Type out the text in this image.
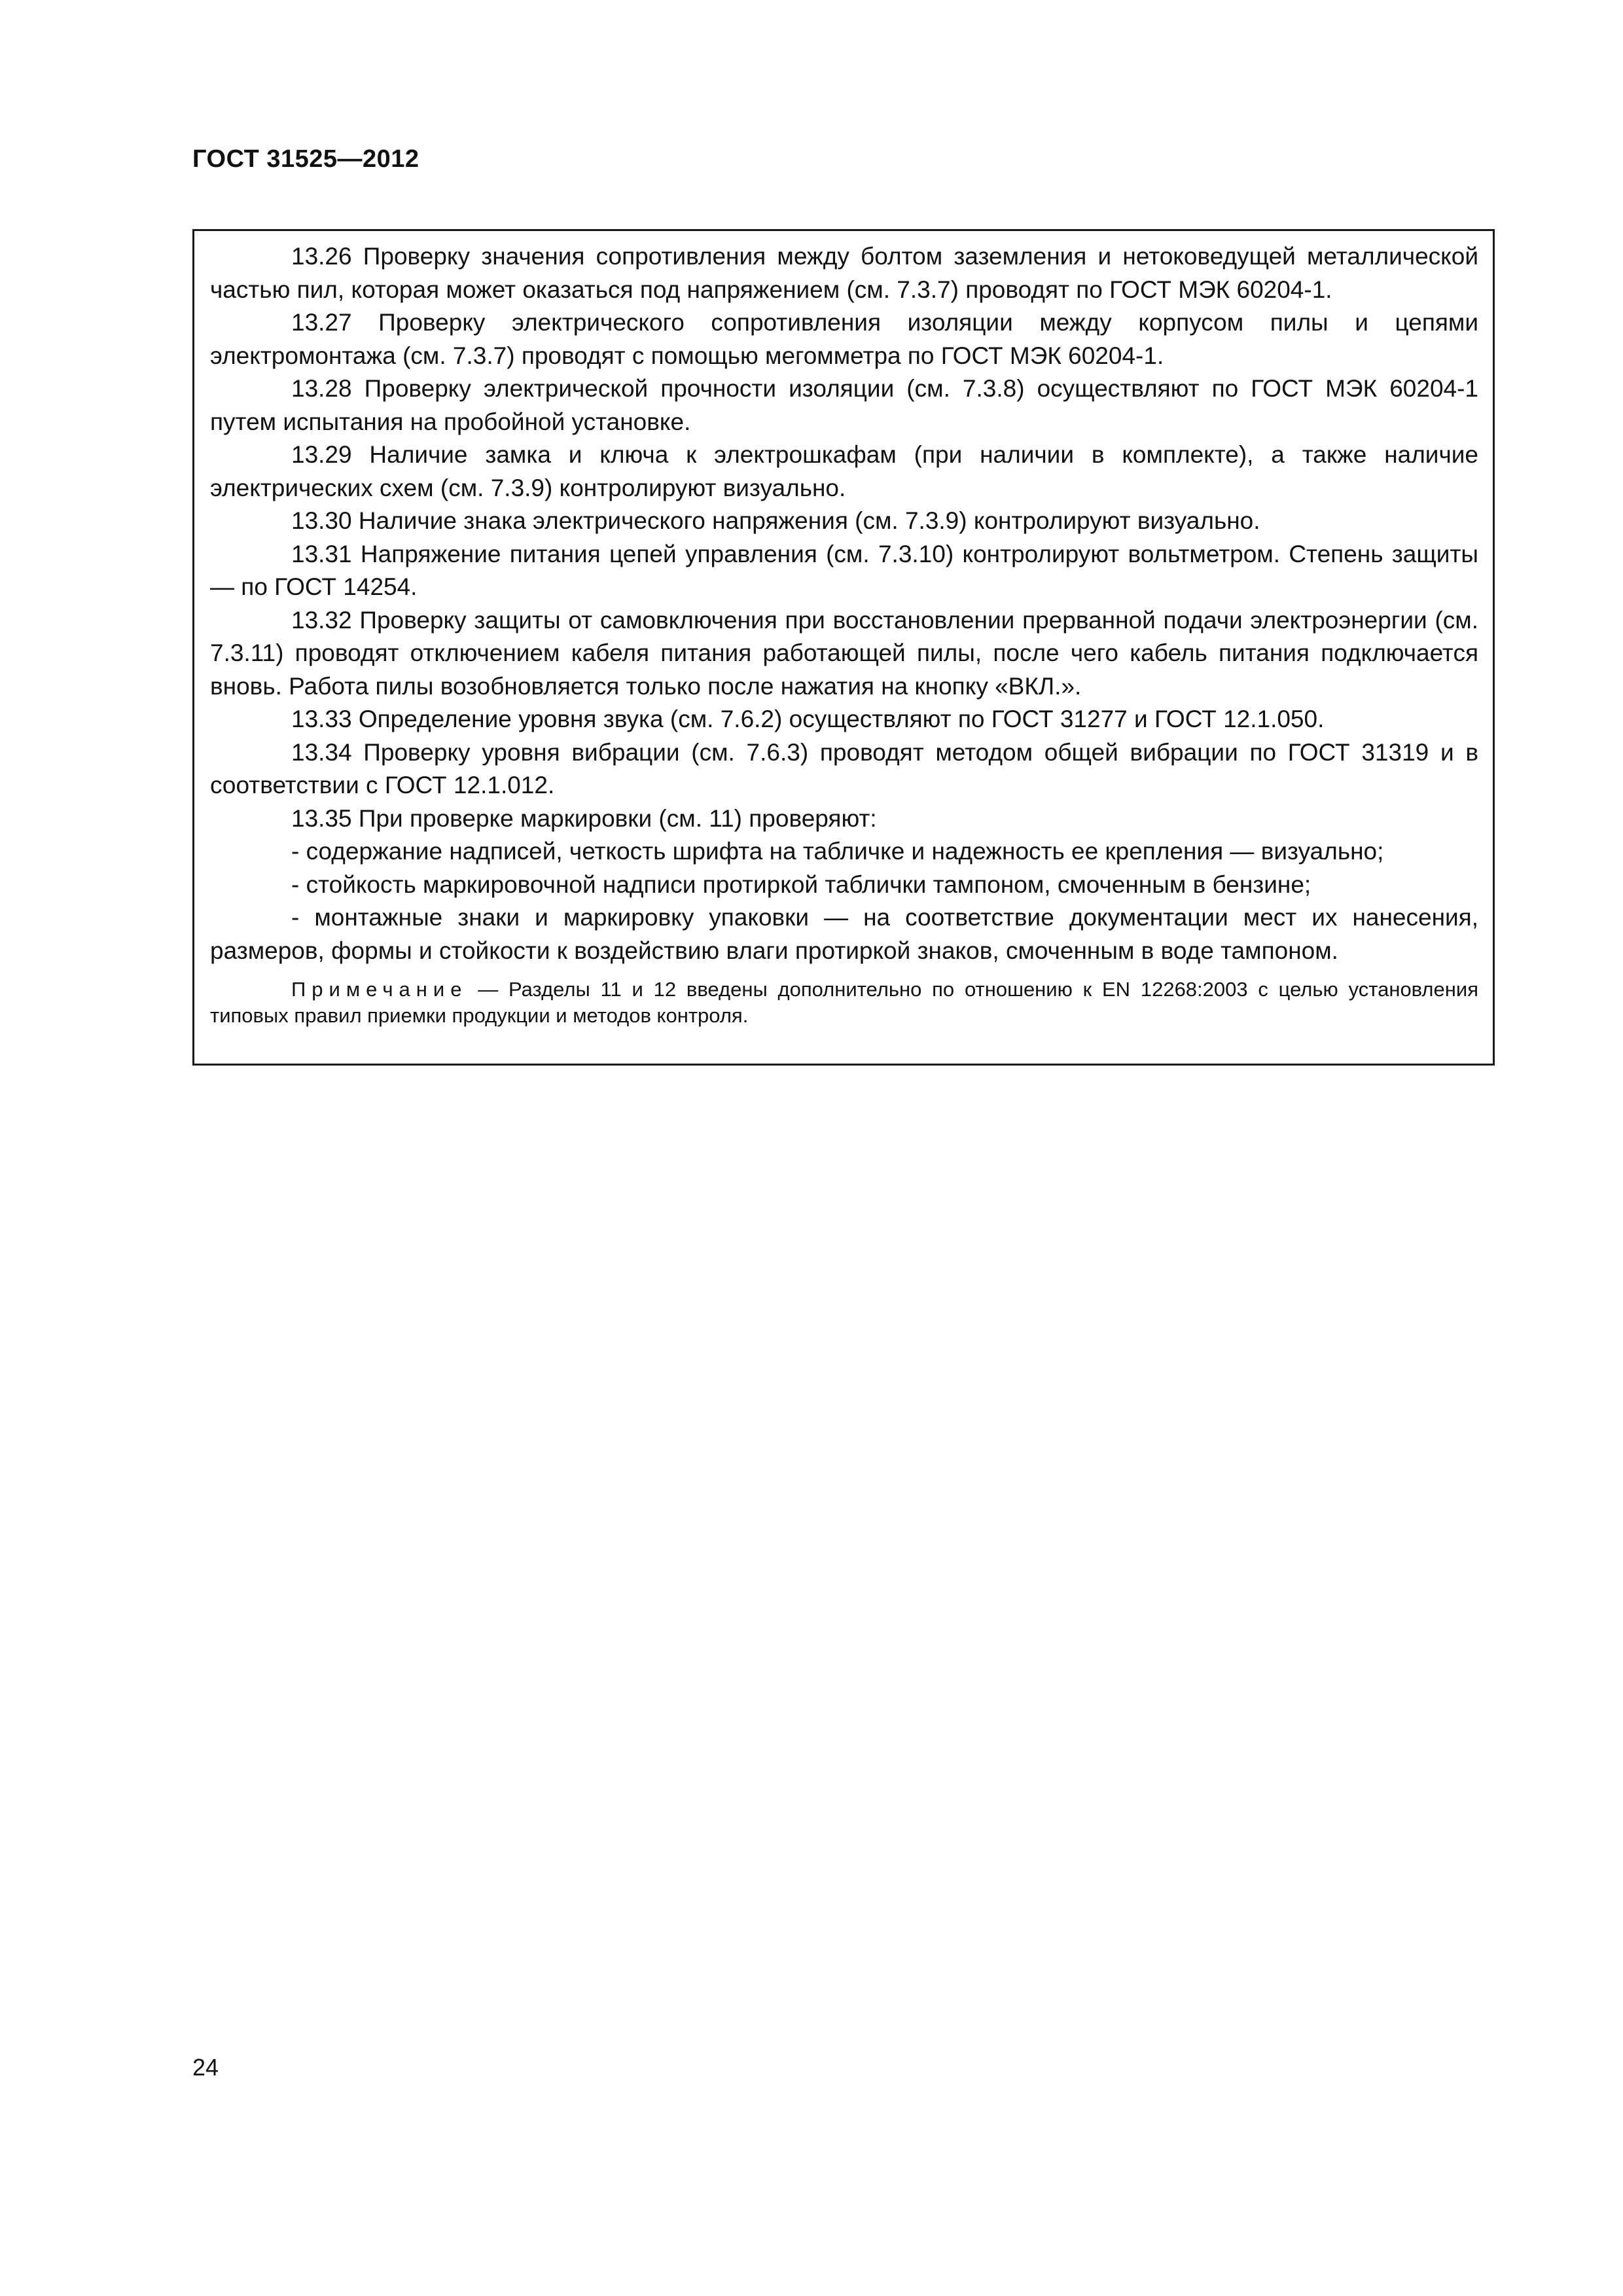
ГОСТ 31525—2012

13.26 Проверку значения сопротивления между болтом заземления и нетоковедущей металлической частью пил, которая может оказаться под напряжением (см. 7.3.7) проводят по ГОСТ МЭК 60204-1.

13.27 Проверку электрического сопротивления изоляции между корпусом пилы и цепями электромонтажа (см. 7.3.7) проводят с помощью мегомметра по ГОСТ МЭК 60204-1.

13.28 Проверку электрической прочности изоляции (см. 7.3.8) осуществляют по ГОСТ МЭК 60204-1 путем испытания на пробойной установке.

13.29 Наличие замка и ключа к электрошкафам (при наличии в комплекте), а также наличие электрических схем (см. 7.3.9) контролируют визуально.

13.30 Наличие знака электрического напряжения (см. 7.3.9) контролируют визуально.

13.31 Напряжение питания цепей управления (см. 7.3.10) контролируют вольтметром. Степень защиты — по ГОСТ 14254.

13.32 Проверку защиты от самовключения при восстановлении прерванной подачи электроэнергии (см. 7.3.11) проводят отключением кабеля питания работающей пилы, после чего кабель питания подключается вновь. Работа пилы возобновляется только после нажатия на кнопку «ВКЛ.».

13.33 Определение уровня звука (см. 7.6.2) осуществляют по ГОСТ 31277 и ГОСТ 12.1.050.

13.34 Проверку уровня вибрации (см. 7.6.3) проводят методом общей вибрации по ГОСТ 31319 и в соответствии с ГОСТ 12.1.012.

13.35 При проверке маркировки (см. 11) проверяют:

- содержание надписей, четкость шрифта на табличке и надежность ее крепления — визуально;

- стойкость маркировочной надписи протиркой таблички тампоном, смоченным в бензине;

- монтажные знаки и маркировку упаковки — на соответствие документации мест их нанесения, размеров, формы и стойкости к воздействию влаги протиркой знаков, смоченным в воде тампоном.

Примечание — Разделы 11 и 12 введены дополнительно по отношению к EN 12268:2003 с целью установления типовых правил приемки продукции и методов контроля.

24
